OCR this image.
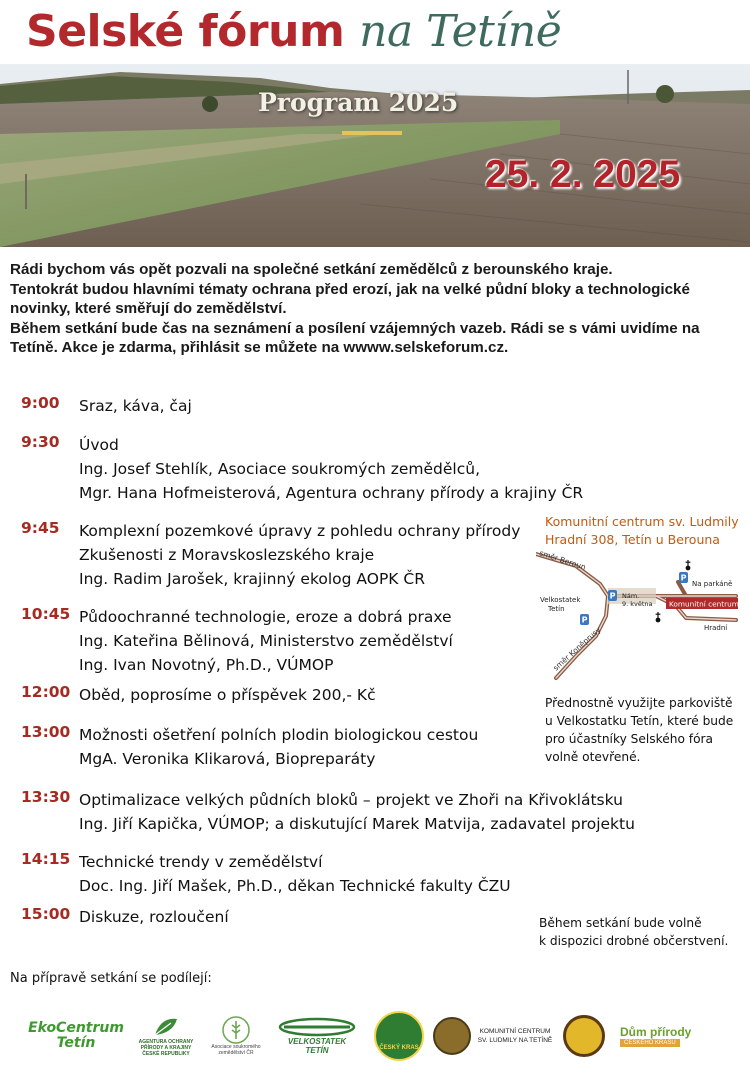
Selské fórum na Tetíně
Program 2025
25. 2. 2025

Rádi bychom vás opět pozvali na společné setkání zemědělců z berounského kraje.

Tentokrát budou hlavními tématy ochrana před erozí, jak na velké půdní bloky a technologické novinky, které směřují do zemědělství.

Během setkání bude čas na seznámení a posílení vzájemných vazeb. Rádi se s vámi uvidíme na Tetíně. Akce je zdarma, přihlásit se můžete na wwww.selskeforum.cz.

9:00 Sraz, káva, čaj
9:30 Úvod
Ing. Josef Stehlík, Asociace soukromých zemědělců,
Mgr. Hana Hofmeisterová, Agentura ochrany přírody a krajiny ČR
9:45 Komplexní pozemkové úpravy z pohledu ochrany přírody
Zkušenosti z Moravskoslezského kraje
Ing. Radim Jarošek, krajinný ekolog AOPK ČR
10:45 Půdoochranné technologie, eroze a dobrá praxe
Ing. Kateřina Bělinová, Ministerstvo zemědělství
Ing. Ivan Novotný, Ph.D., VÚMOP
12:00 Oběd, poprosíme o příspěvek 200,- Kč
13:00 Možnosti ošetření polních plodin biologickou cestou
MgA. Veronika Klikarová, Biopreparáty
13:30 Optimalizace velkých půdních bloků – projekt ve Zhoři na Křivoklátsku
Ing. Jiří Kapička, VÚMOP; a diskutující Marek Matvija, zadavatel projektu
14:15 Technické trendy v zemědělství
Doc. Ing. Jiří Mašek, Ph.D., děkan Technické fakulty ČZU
15:00 Diskuze, rozloučení
Komunitní centrum sv. Ludmily
Hradní 308, Tetín u Berouna
směr Beroun
Velkostatek
Tetín
Nám.
9. května
Na parkáně
Komunitní centrum
Hradní
směr Koněprusy
P
P
P
Přednostně využijte parkoviště
u Velkostatku Tetín, které bude
pro účastníky Selského fóra
volně otevřené.
Během setkání bude volně
k dispozici drobné občerstvení.
Na přípravě setkání se podílejí:
EkoCentrum
Tetín	AGENTURA OCHRANY
PŘÍRODY A KRAJINY
ČESKÉ REPUBLIKY
Asociace soukromého
zemědělství ČR
VELKOSTATEK TETÍN	ČESKÝ KRAS
KOMUNITNÍ CENTRUM
SV. LUDMILY NA TETÍNĚ
Dům přírody
ČESKÉHO KRASU
